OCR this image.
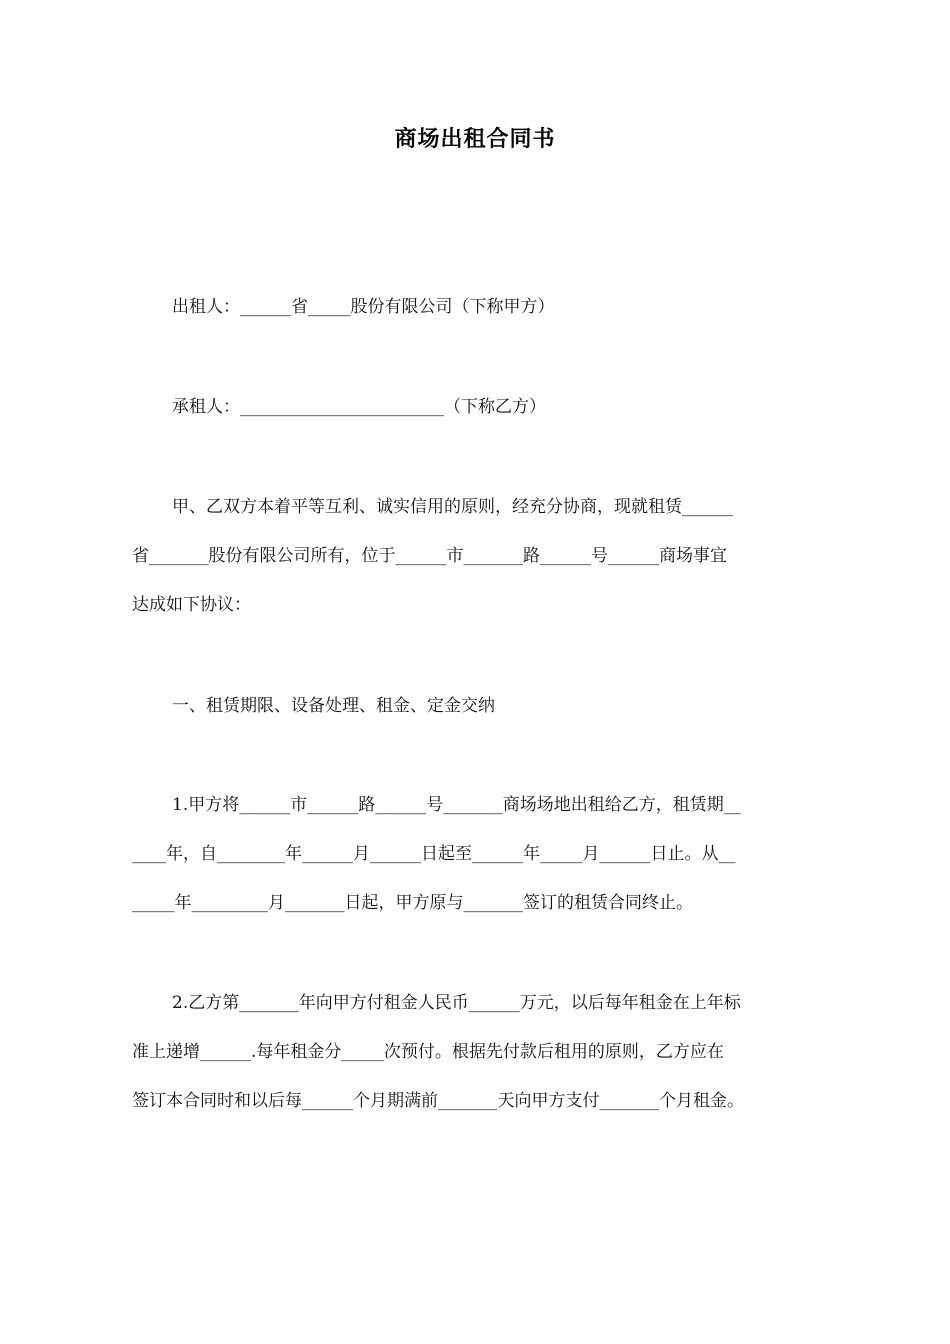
商场出租合同书

出租人：______省_____股份有限公司（下称甲方）

承租人：________________________（下称乙方）

甲、乙双方本着平等互利、诚实信用的原则，经充分协商，现就租赁______
省_______股份有限公司所有，位于______市_______路______号______商场事宜
达成如下协议：

一、租赁期限、设备处理、租金、定金交纳

1.甲方将______市______路______号_______商场场地出租给乙方，租赁期__
____年，自________年______月______日起至______年_____月______日止。从__
_____年_________月_______日起，甲方原与_______签订的租赁合同终止。
2.乙方第_______年向甲方付租金人民币______万元，以后每年租金在上年标
准上递增______.每年租金分_____次预付。根据先付款后租用的原则，乙方应在
签订本合同时和以后每______个月期满前_______天向甲方支付_______个月租金。
